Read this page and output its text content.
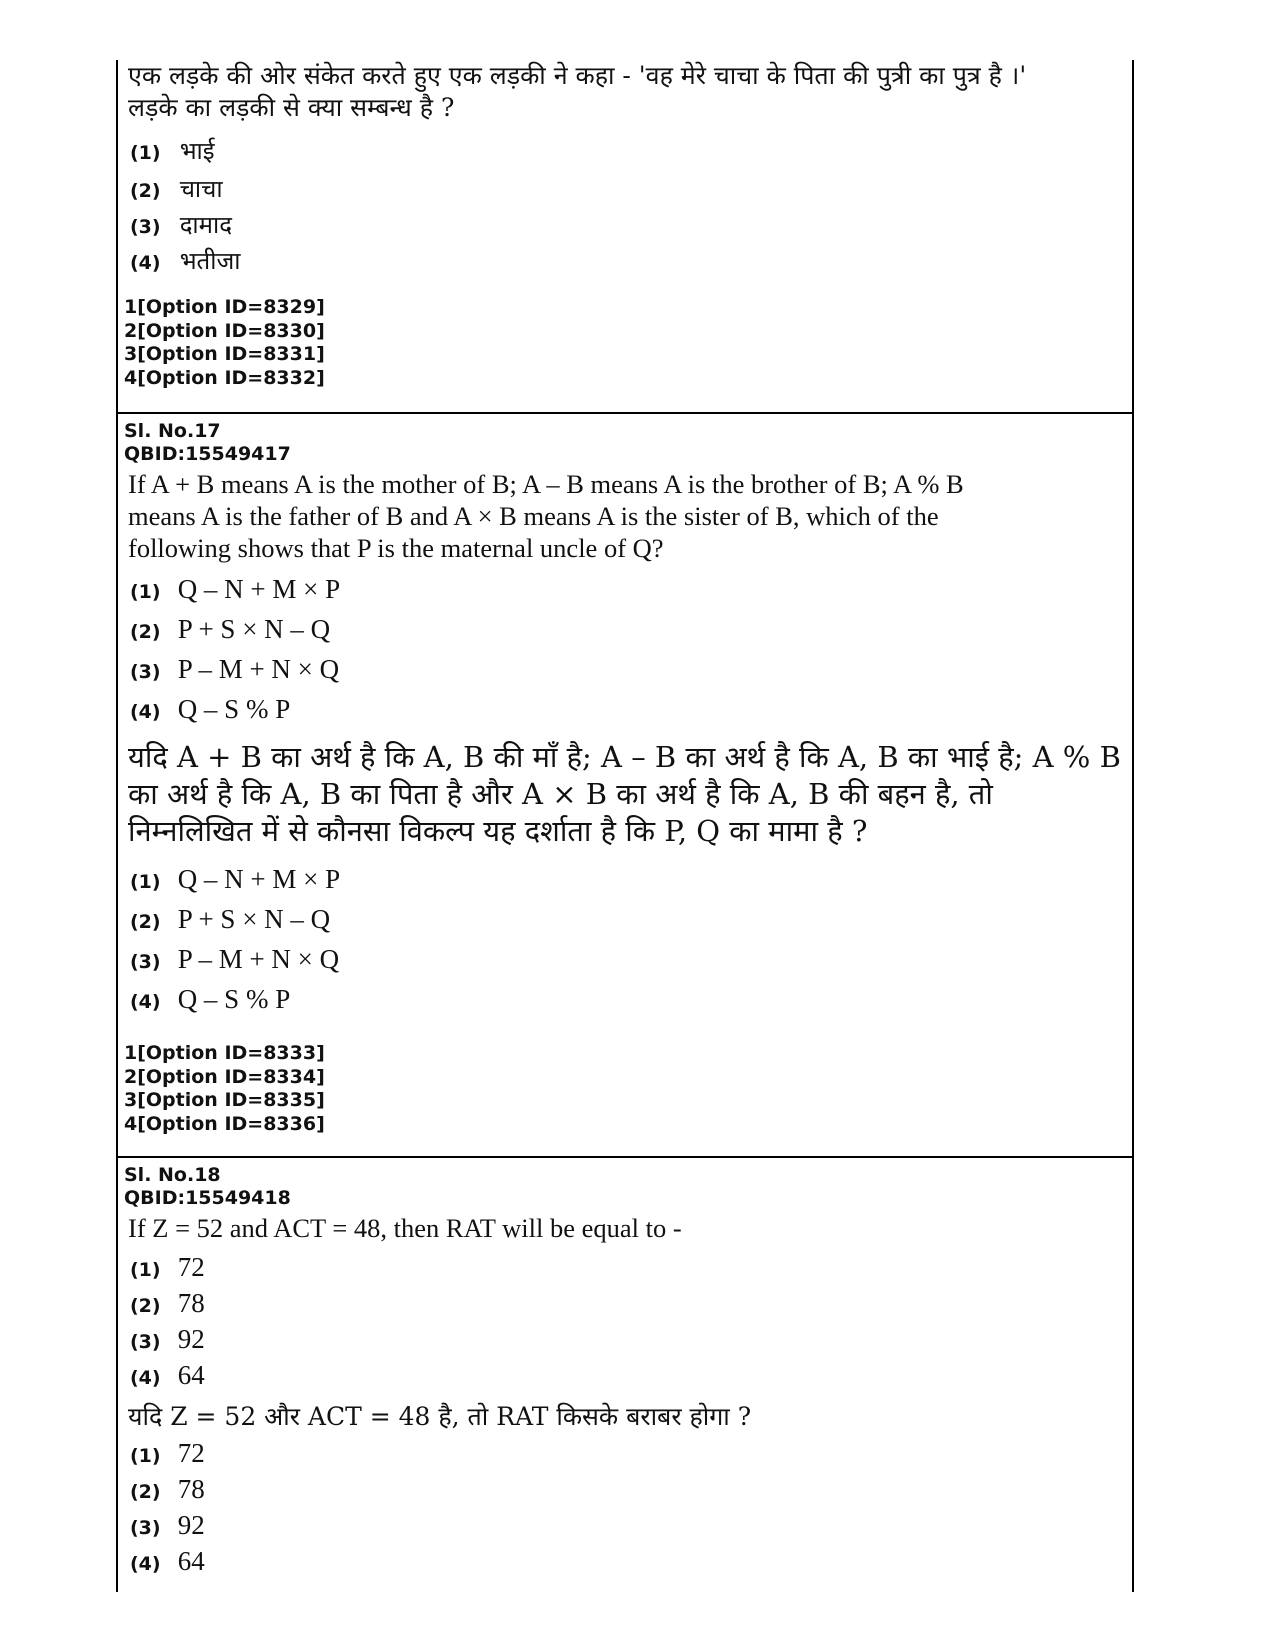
एक लड़के की ओर संकेत करते हुए एक लड़की ने कहा - 'वह मेरे चाचा के पिता की पुत्री का पुत्र है ।'
लड़के का लड़की से क्या सम्बन्ध है ?
(1) भाई
(2) चाचा
(3) दामाद
(4) भतीजा
1[Option ID=8329]
2[Option ID=8330]
3[Option ID=8331]
4[Option ID=8332]
Sl. No.17
QBID:15549417
If A + B means A is the mother of B; A – B means A is the brother of B; A % B
means A is the father of B and A × B means A is the sister of B, which of the
following shows that P is the maternal uncle of Q?
(1) Q – N + M × P
(2) P + S × N – Q
(3) P – M + N × Q
(4) Q – S % P
यदि A + B का अर्थ है कि A, B की माँ है; A – B का अर्थ है कि A, B का भाई है; A % B
का अर्थ है कि A, B का पिता है और A × B का अर्थ है कि A, B की बहन है, तो
निम्नलिखित में से कौनसा विकल्प यह दर्शाता है कि P, Q का मामा है ?
(1) Q – N + M × P
(2) P + S × N – Q
(3) P – M + N × Q
(4) Q – S % P
1[Option ID=8333]
2[Option ID=8334]
3[Option ID=8335]
4[Option ID=8336]
Sl. No.18
QBID:15549418
If Z = 52 and ACT = 48, then RAT will be equal to -
(1) 72
(2) 78
(3) 92
(4) 64
यदि Z = 52 और ACT = 48 है, तो RAT किसके बराबर होगा ?
(1) 72
(2) 78
(3) 92
(4) 64
